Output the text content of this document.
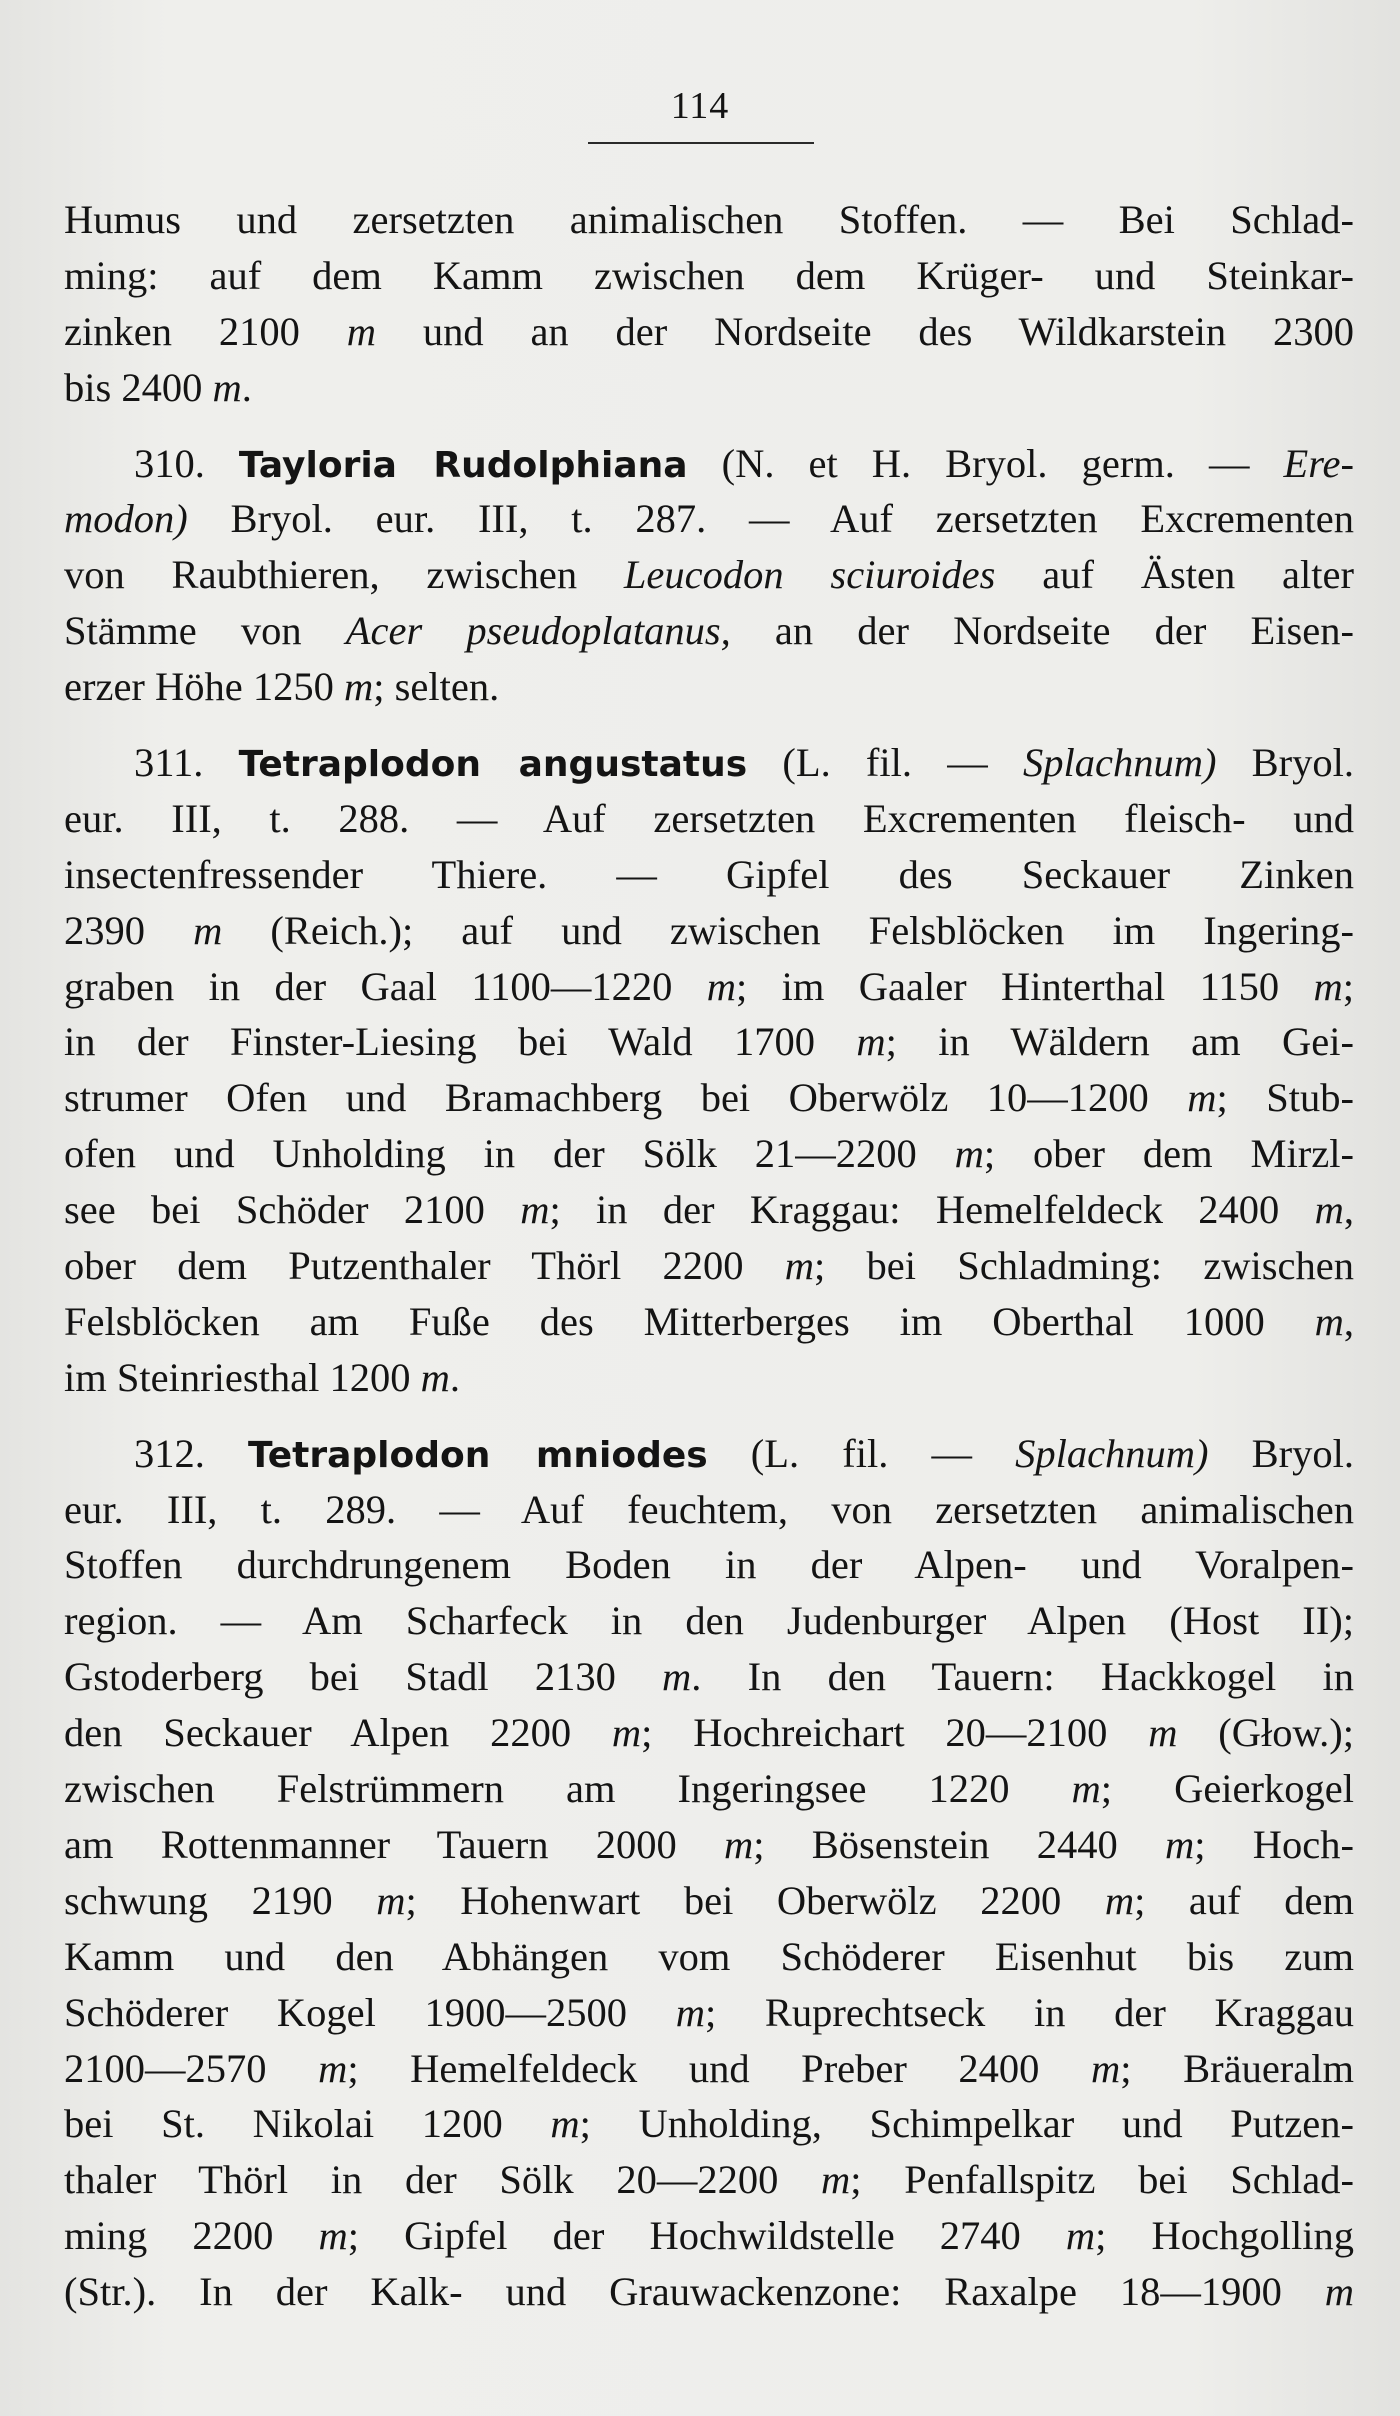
114
Humus und zersetzten animalischen Stoffen. — Bei Schlad-
ming: auf dem Kamm zwischen dem Krüger- und Steinkar-
zinken 2100 m und an der Nordseite des Wildkarstein 2300
bis 2400 m.
310. Tayloria Rudolphiana (N. et H. Bryol. germ. — Ere-
modon) Bryol. eur. III, t. 287. — Auf zersetzten Excrementen
von Raubthieren, zwischen Leucodon sciuroides auf Ästen alter
Stämme von Acer pseudoplatanus, an der Nordseite der Eisen-
erzer Höhe 1250 m; selten.
311. Tetraplodon angustatus (L. fil. — Splachnum) Bryol.
eur. III, t. 288. — Auf zersetzten Excrementen fleisch- und
insectenfressender Thiere. — Gipfel des Seckauer Zinken
2390 m (Reich.); auf und zwischen Felsblöcken im Ingering-
graben in der Gaal 1100—1220 m; im Gaaler Hinterthal 1150 m;
in der Finster-Liesing bei Wald 1700 m; in Wäldern am Gei-
strumer Ofen und Bramachberg bei Oberwölz 10—1200 m; Stub-
ofen und Unholding in der Sölk 21—2200 m; ober dem Mirzl-
see bei Schöder 2100 m; in der Kraggau: Hemelfeldeck 2400 m,
ober dem Putzenthaler Thörl 2200 m; bei Schladming: zwischen
Felsblöcken am Fuße des Mitterberges im Oberthal 1000 m,
im Steinriesthal 1200 m.
312. Tetraplodon mniodes (L. fil. — Splachnum) Bryol.
eur. III, t. 289. — Auf feuchtem, von zersetzten animalischen
Stoffen durchdrungenem Boden in der Alpen- und Voralpen-
region. — Am Scharfeck in den Judenburger Alpen (Host II);
Gstoderberg bei Stadl 2130 m. In den Tauern: Hackkogel in
den Seckauer Alpen 2200 m; Hochreichart 20—2100 m (Głow.);
zwischen Felstrümmern am Ingeringsee 1220 m; Geierkogel
am Rottenmanner Tauern 2000 m; Bösenstein 2440 m; Hoch-
schwung 2190 m; Hohenwart bei Oberwölz 2200 m; auf dem
Kamm und den Abhängen vom Schöderer Eisenhut bis zum
Schöderer Kogel 1900—2500 m; Ruprechtseck in der Kraggau
2100—2570 m; Hemelfeldeck und Preber 2400 m; Bräueralm
bei St. Nikolai 1200 m; Unholding, Schimpelkar und Putzen-
thaler Thörl in der Sölk 20—2200 m; Penfallspitz bei Schlad-
ming 2200 m; Gipfel der Hochwildstelle 2740 m; Hochgolling
(Str.). In der Kalk- und Grauwackenzone: Raxalpe 18—1900 m
